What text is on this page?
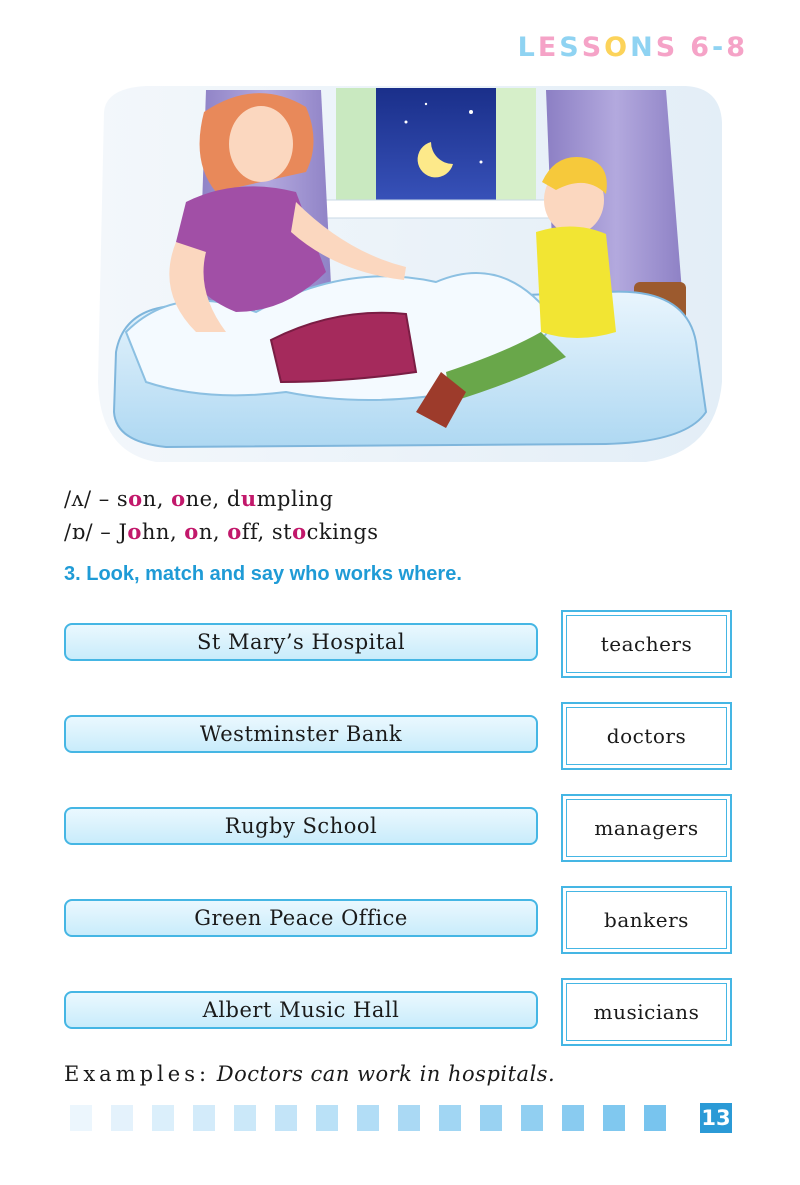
LESSONS 6-8
/ʌ/ – son, one, dumpling
/ɒ/ – John, on, off, stockings
3. Look, match and say who works where.
St Mary’s Hospital
Westminster Bank
Rugby School
Green Peace Office
Albert Music Hall
teachers
doctors
managers
bankers
musicians
Examples: Doctors can work in hospitals.
13
